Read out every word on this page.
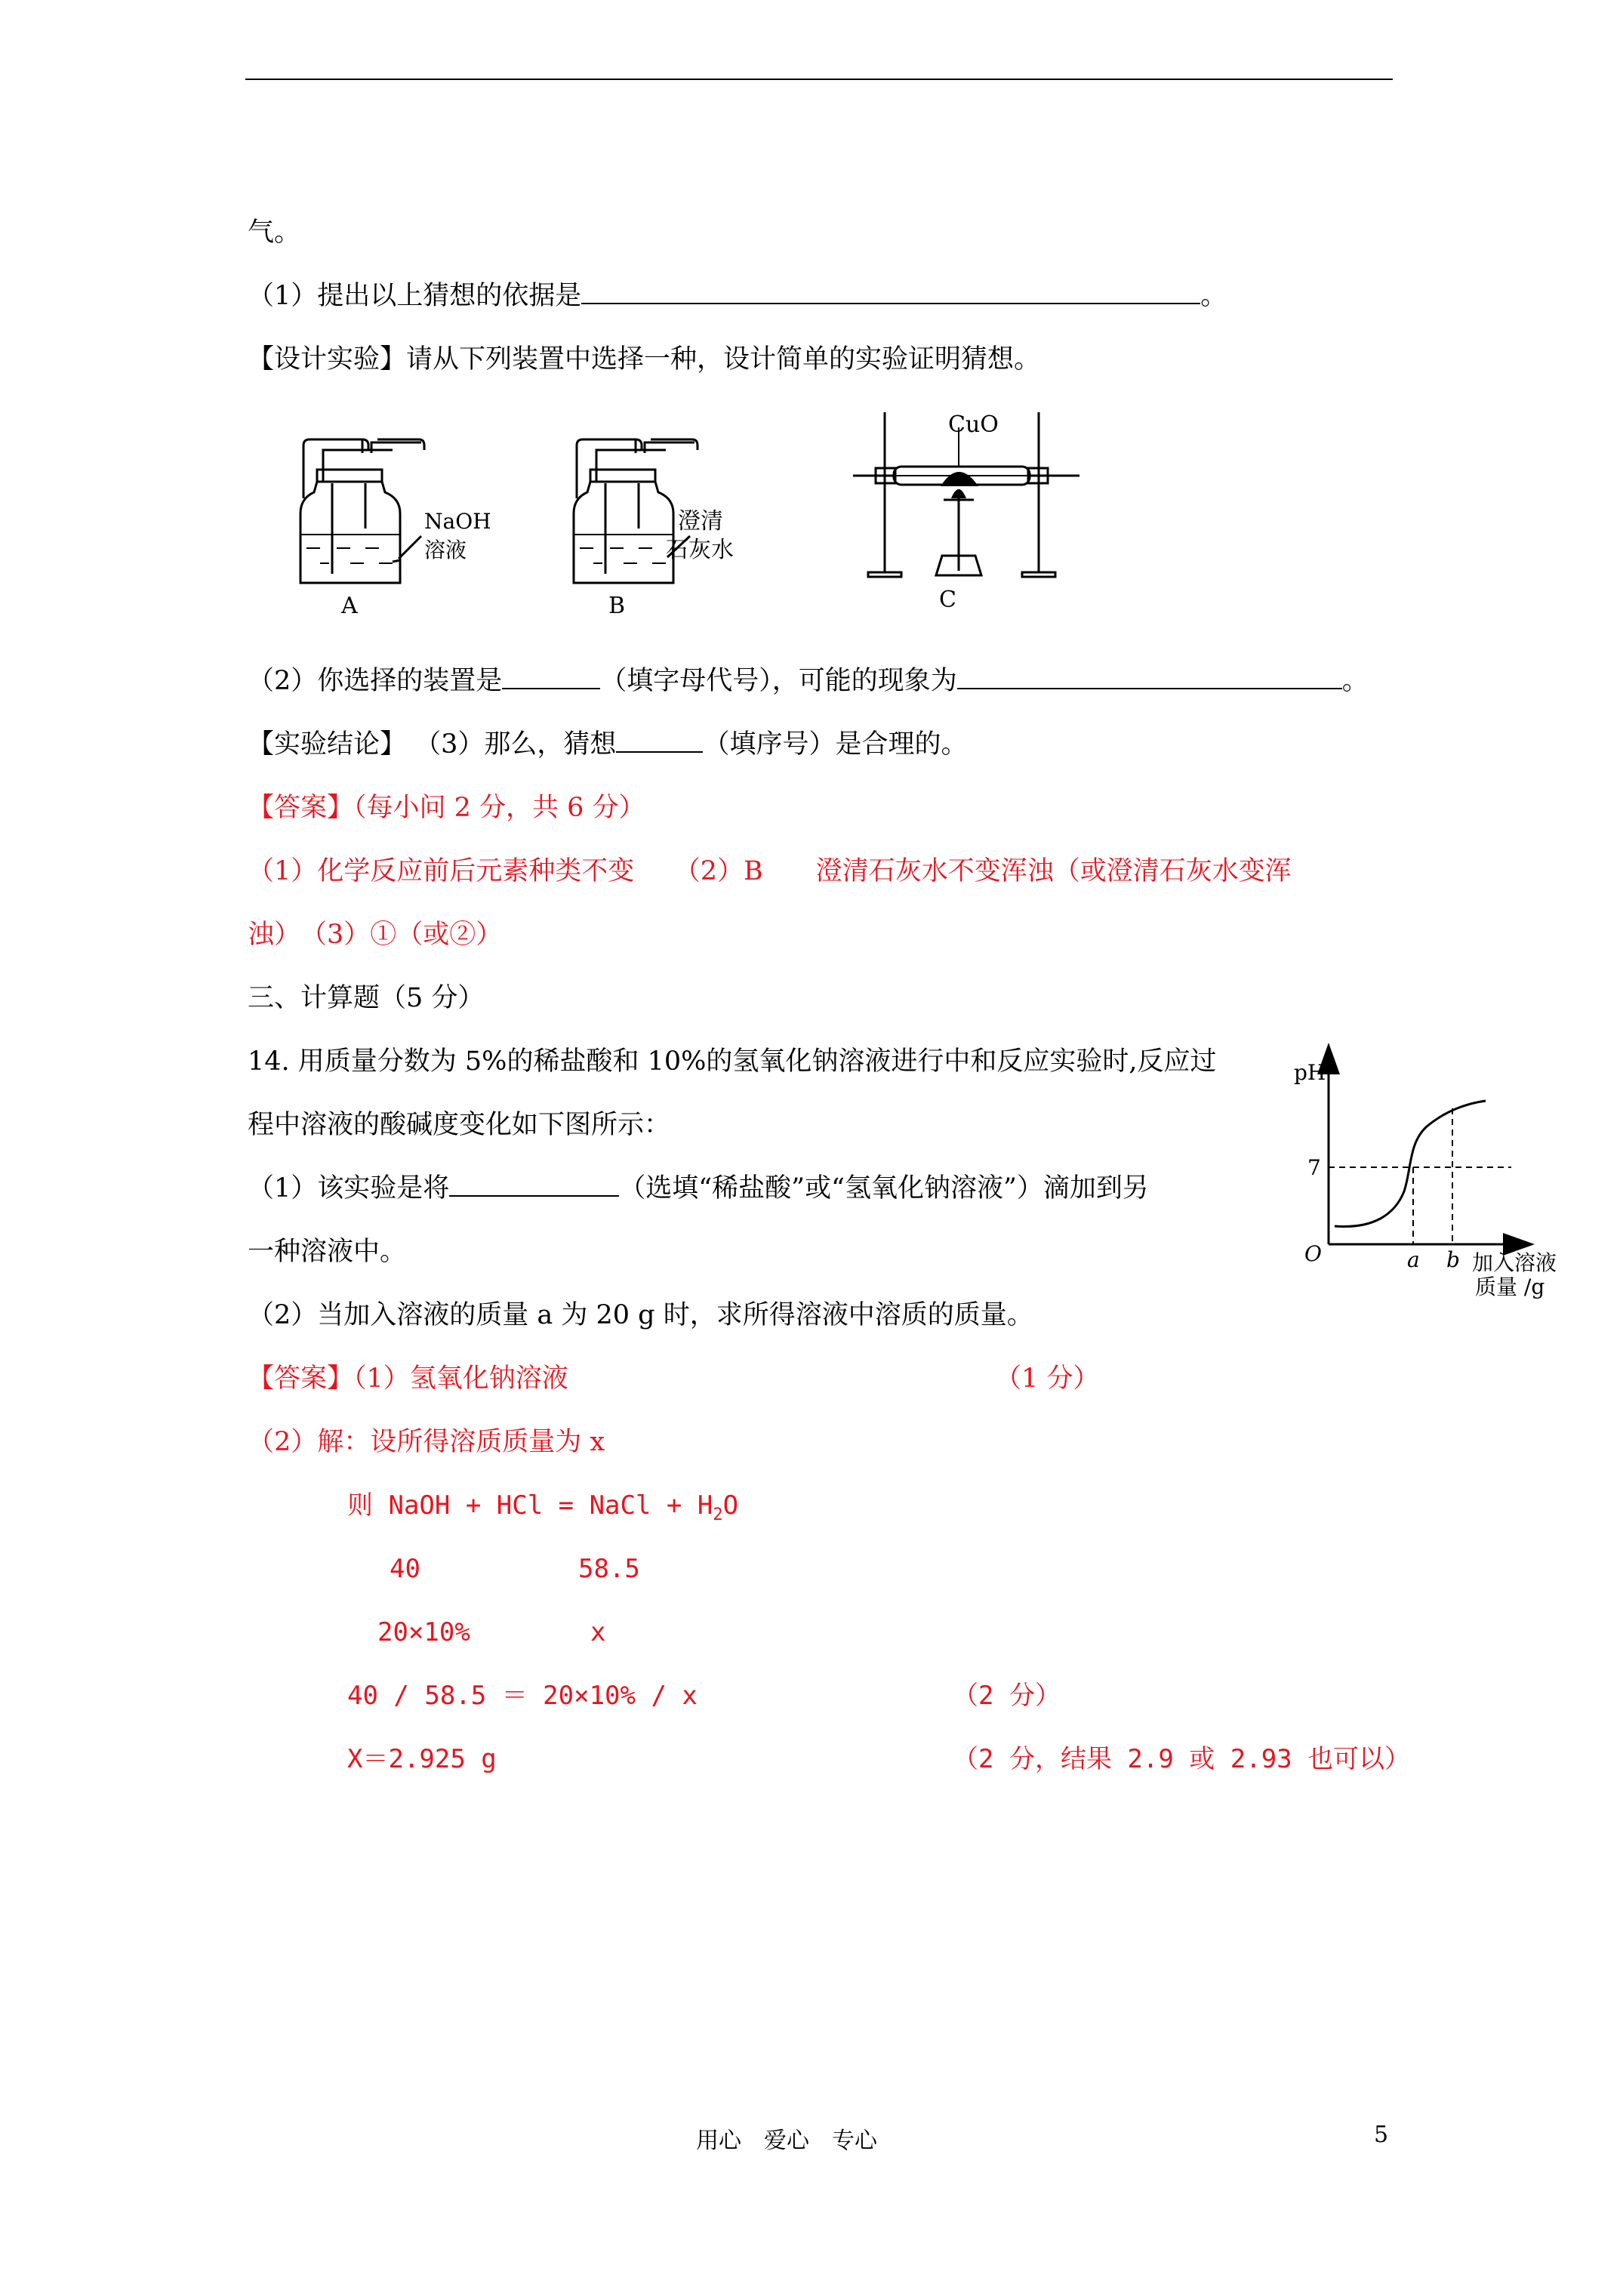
气。
（1）提出以上猜想的依据是	。
【设计实验】请从下列装置中选择一种，设计简单的实验证明猜想。
NaOH
溶液
A
澄清
石灰水
B
CuO
C
（2）你选择的装置是	（填字母代号），可能的现象为	。
【实验结论】 （3）那么，猜想	（填序号）是合理的。
【答案】（每小问 2 分，共 6 分）
（1）化学反应前后元素种类不变　　（2）B　　澄清石灰水不变浑浊（或澄清石灰水变浑
浊）　（3）①（或②）
三、计算题（5 分）
14. 用质量分数为 5%的稀盐酸和 10%的氢氧化钠溶液进行中和反应实验时,反应过
程中溶液的酸碱度变化如下图所示：
（1）该实验是将	（选填“稀盐酸”或“氢氧化钠溶液”）滴加到另
一种溶液中。
（2）当加入溶液的质量 a 为 20 g 时，求所得溶液中溶质的质量。
pH
7
O	a b 加入溶液
质量 /g
【答案】（1）氢氧化钠溶液	（1 分）
（2）解：设所得溶质质量为 x
则 NaOH + HCl = NaCl + $H_2O$
40	58.5
20×10%	x
40 / 58.5 ＝ 20×10% / x	（2 分）
X＝2.925 g	（2 分，结果 2.9 或 2.93 也可以）
用心　爱心　专心	5
